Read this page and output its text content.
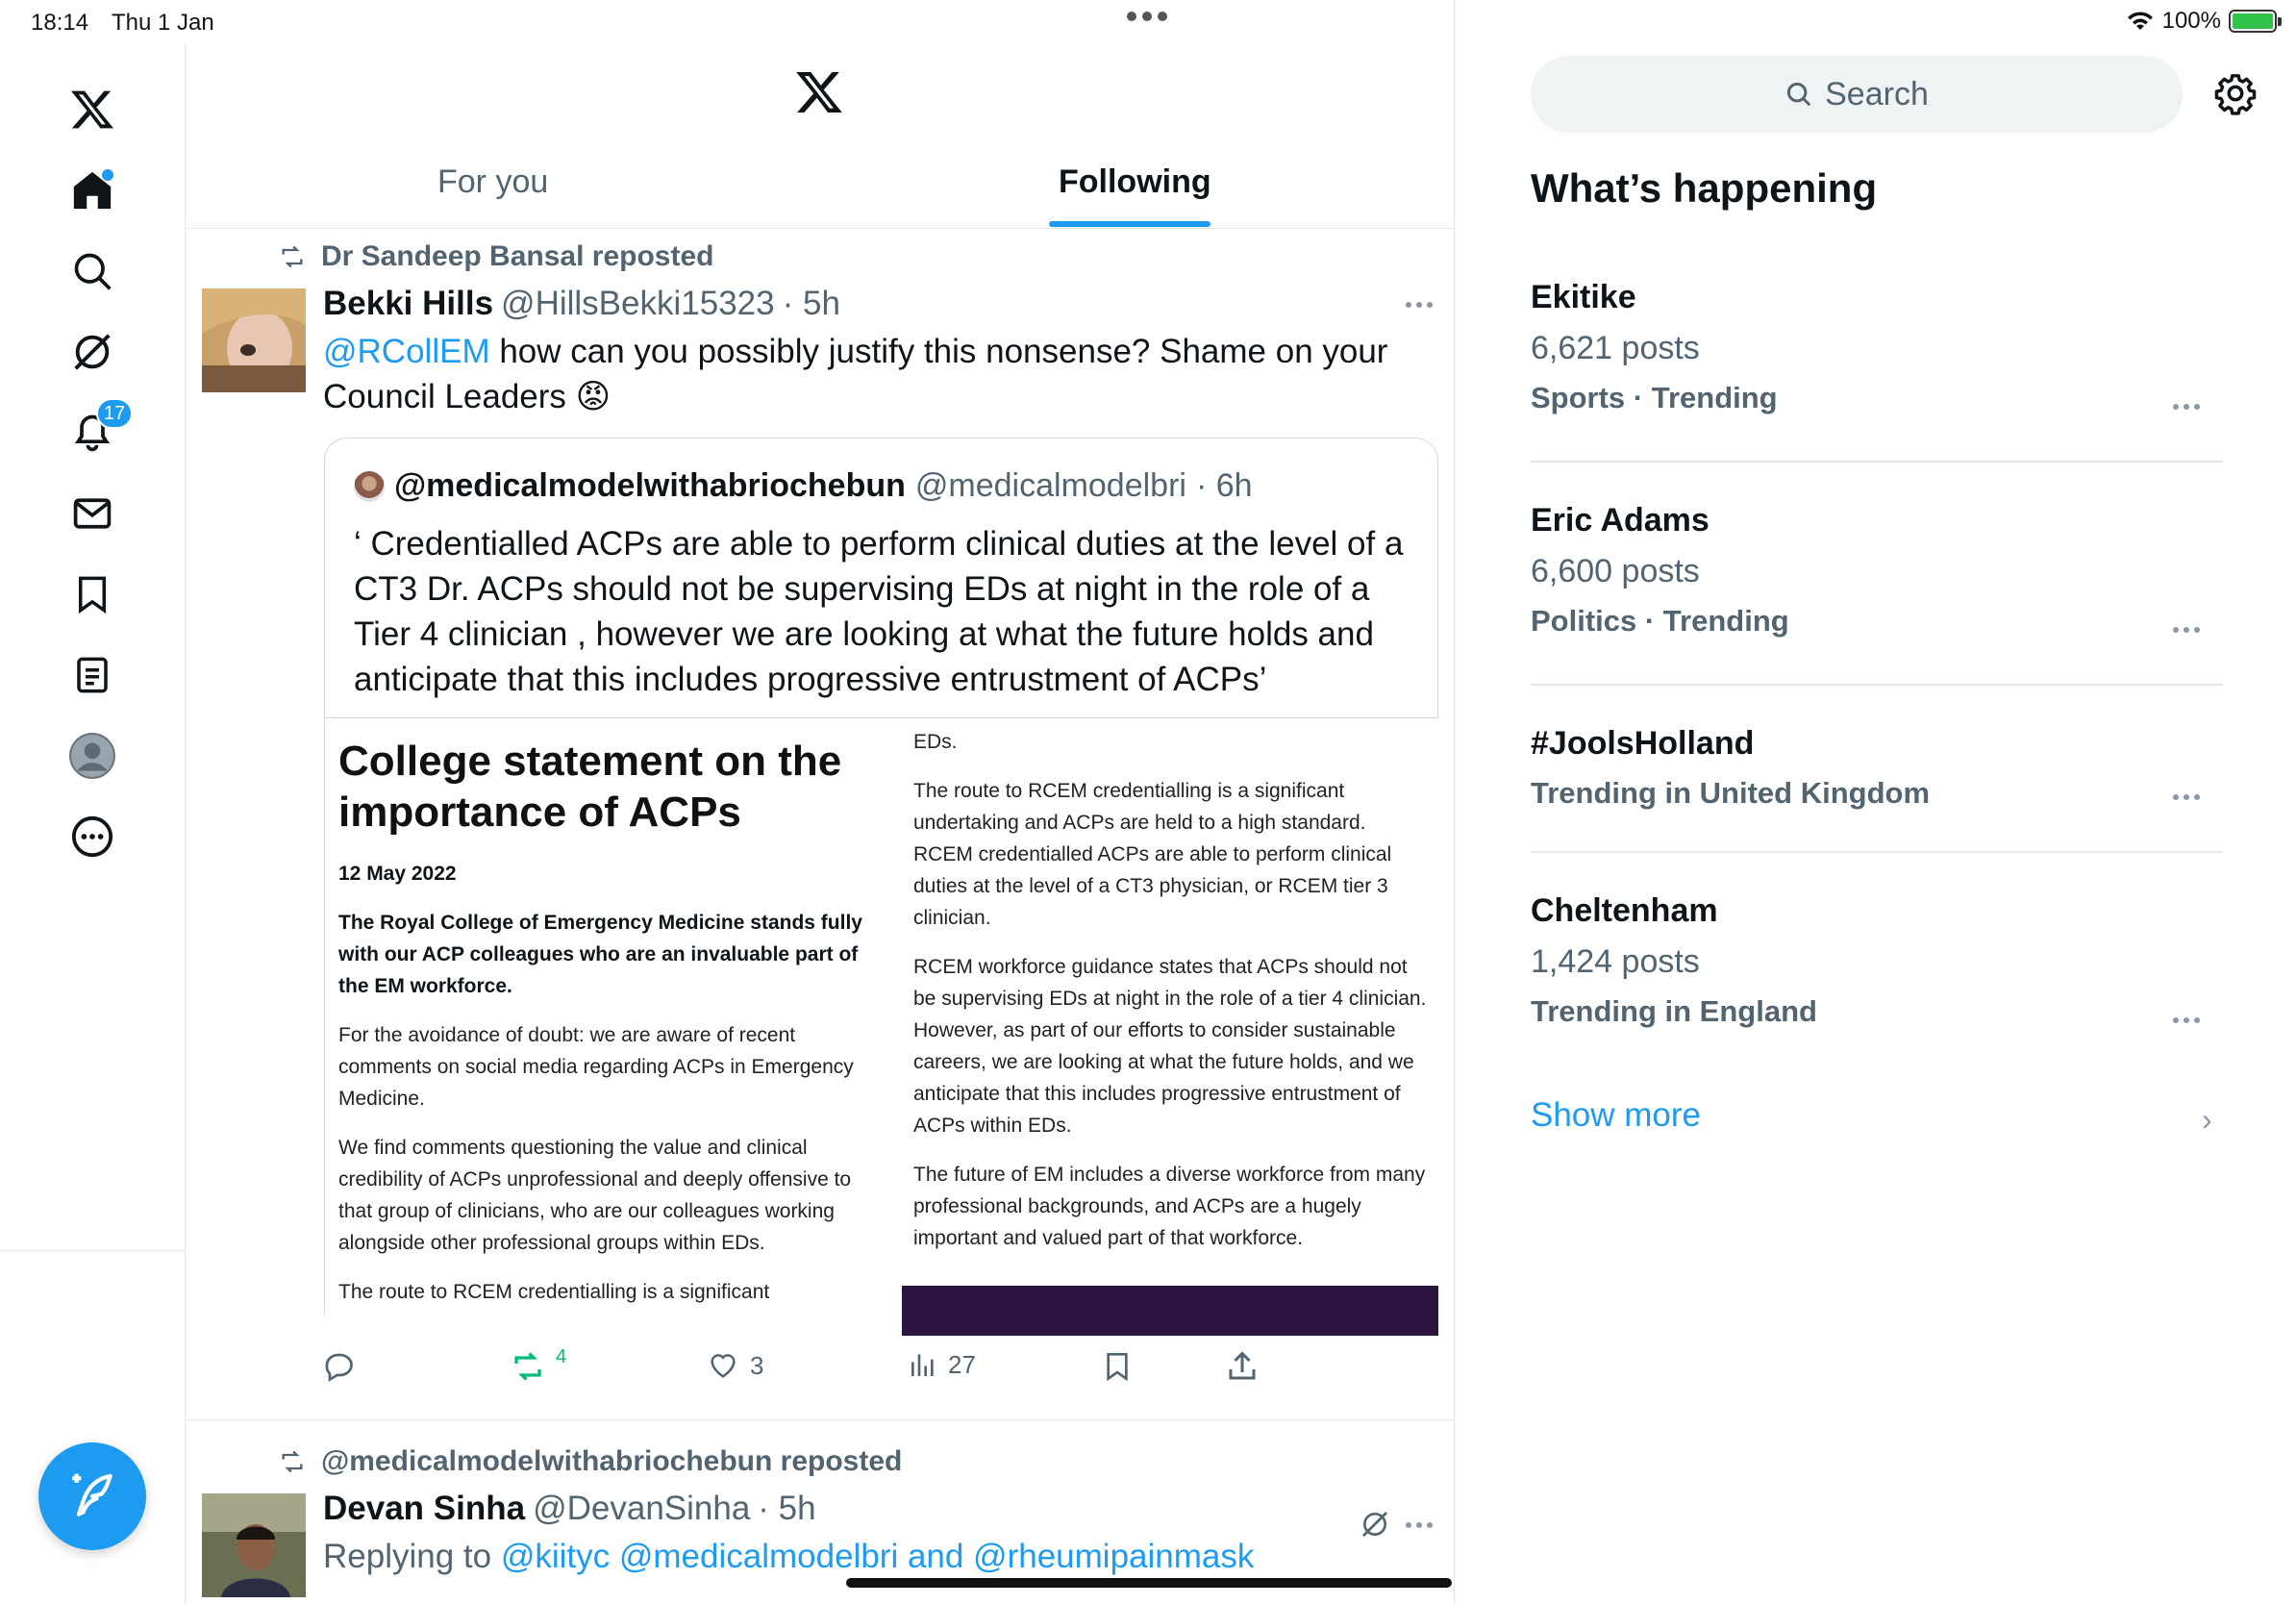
18:14 Thu 1 Jan	100%
17
For you	Following
Dr Sandeep Bansal reposted
Bekki Hills @HillsBekki15323 · 5h
@RCollEM how can you possibly justify this nonsense? Shame on your Council Leaders 😡
@medicalmodelwithabriochebun @medicalmodelbri · 6h
‘ Credentialled ACPs are able to perform clinical duties at the level of a CT3 Dr. ACPs should not be supervising EDs at night in the role of a Tier 4 clinician , however we are looking at what the future holds and anticipate that this includes progressive entrustment of ACPs’
College statement on the importance of ACPs
12 May 2022
The Royal College of Emergency Medicine stands fully with our ACP colleagues who are an invaluable part of the EM workforce.
For the avoidance of doubt: we are aware of recent comments on social media regarding ACPs in Emergency Medicine.
We find comments questioning the value and clinical credibility of ACPs unprofessional and deeply offensive to that group of clinicians, who are our colleagues working alongside other professional groups within EDs.
The route to RCEM credentialling is a significant
EDs.
The route to RCEM credentialling is a significant undertaking and ACPs are held to a high standard. RCEM credentialled ACPs are able to perform clinical duties at the level of a CT3 physician, or RCEM tier 3 clinician.
RCEM workforce guidance states that ACPs should not be supervising EDs at night in the role of a tier 4 clinician. However, as part of our efforts to consider sustainable careers, we are looking at what the future holds, and we anticipate that this includes progressive entrustment of ACPs within EDs.
The future of EM includes a diverse workforce from many professional backgrounds, and ACPs are a hugely important and valued part of that workforce.
4	3	27
@medicalmodelwithabriochebun reposted
Devan Sinha @DevanSinha · 5h
Replying to @kiityc @medicalmodelbri and @rheumipainmask
Search
What’s happening
Ekitike
6,621 posts
Sports · Trending
Eric Adams
6,600 posts
Politics · Trending
#JoolsHolland
Trending in United Kingdom
Cheltenham
1,424 posts
Trending in England
Show more	›
